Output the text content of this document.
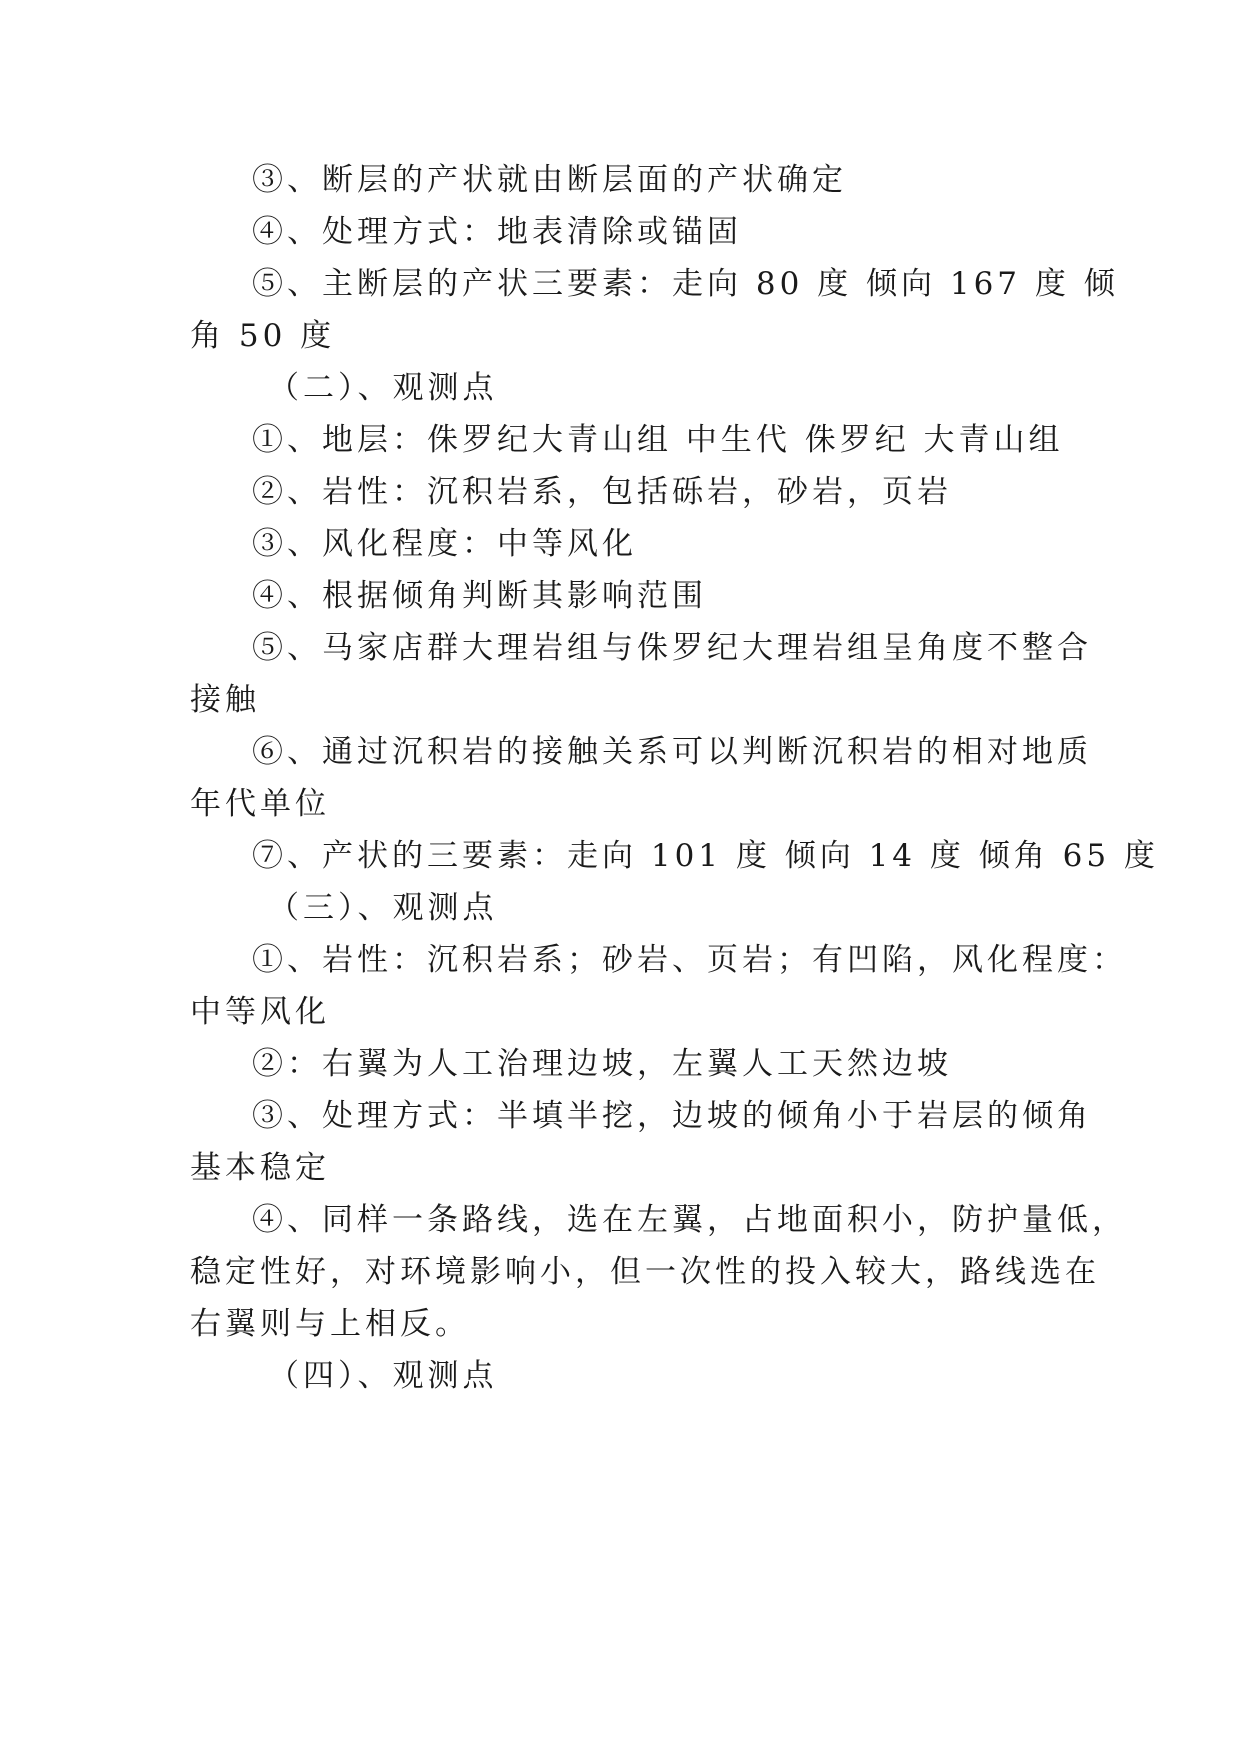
③、断层的产状就由断层面的产状确定
④、处理方式：地表清除或锚固
⑤、主断层的产状三要素：走向 80 度 倾向 167 度 倾
角 50 度
（二）、观测点
①、地层：侏罗纪大青山组 中生代 侏罗纪 大青山组
②、岩性：沉积岩系，包括砾岩，砂岩，页岩
③、风化程度：中等风化
④、根据倾角判断其影响范围
⑤、马家店群大理岩组与侏罗纪大理岩组呈角度不整合
接触
⑥、通过沉积岩的接触关系可以判断沉积岩的相对地质
年代单位
⑦、产状的三要素：走向 101 度 倾向 14 度 倾角 65 度
（三）、观测点
①、岩性：沉积岩系；砂岩、页岩；有凹陷，风化程度：
中等风化
②：右翼为人工治理边坡，左翼人工天然边坡
③、处理方式：半填半挖，边坡的倾角小于岩层的倾角
基本稳定
④、同样一条路线，选在左翼，占地面积小，防护量低，
稳定性好，对环境影响小，但一次性的投入较大，路线选在
右翼则与上相反。
（四）、观测点
